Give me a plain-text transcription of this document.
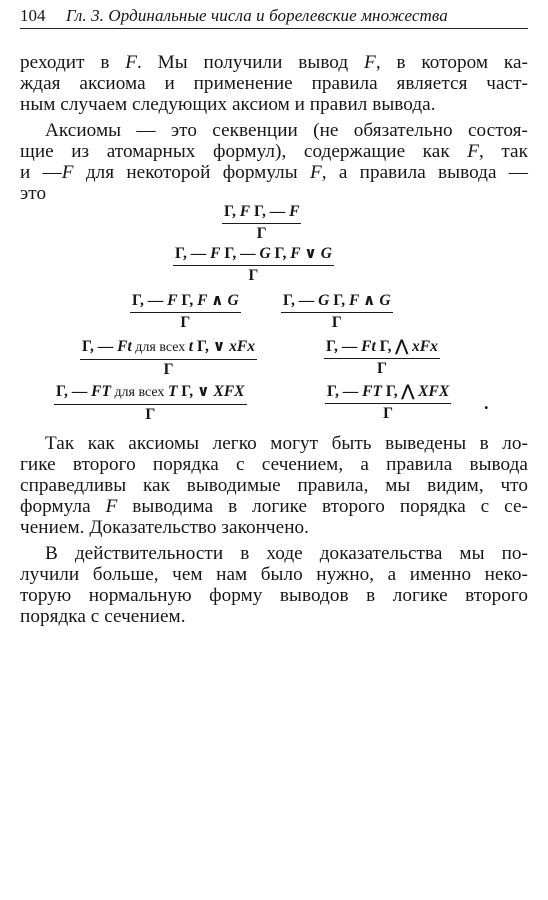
104 Гл. 3. Ординальные числа и борелевские множества
реходит в F. Мы получили вывод F, в котором ка-
ждая аксиома и применение правила является част-
ным случаем следующих аксиом и правил вывода.
Аксиомы — это секвенции (не обязательно состоя-
щие из атомарных формул), содержащие как F, так
и —F для некоторой формулы F, а правила вывода —
это
$\frac{\text{Γ, F Γ, — F}}{\Gamma}$
$\frac{\text{Γ, — F Γ, — G Γ, F ∨ G}}{\Gamma}$
$\frac{\text{Γ, — F Γ, F ∧ G}}{\Gamma}$	$\frac{\text{Γ, — G Γ, F ∧ G}}{\Gamma}$
Γ, — Ft для всех t Γ, ∨ xFx
Γ
Γ, — Ft Γ, ⋀ xFx
Γ
Γ, — FT для всех T Γ, ∨ XFX
Γ
Γ, — FT Γ, ⋀ XFX
Γ
.
Так как аксиомы легко могут быть выведены в ло-
гике второго порядка с сечением, а правила вывода
справедливы как выводимые правила, мы видим, что
формула F выводима в логике второго порядка с се-
чением. Доказательство закончено.
В действительности в ходе доказательства мы по-
лучили больше, чем нам было нужно, а именно неко-
торую нормальную форму выводов в логике второго
порядка с сечением.
